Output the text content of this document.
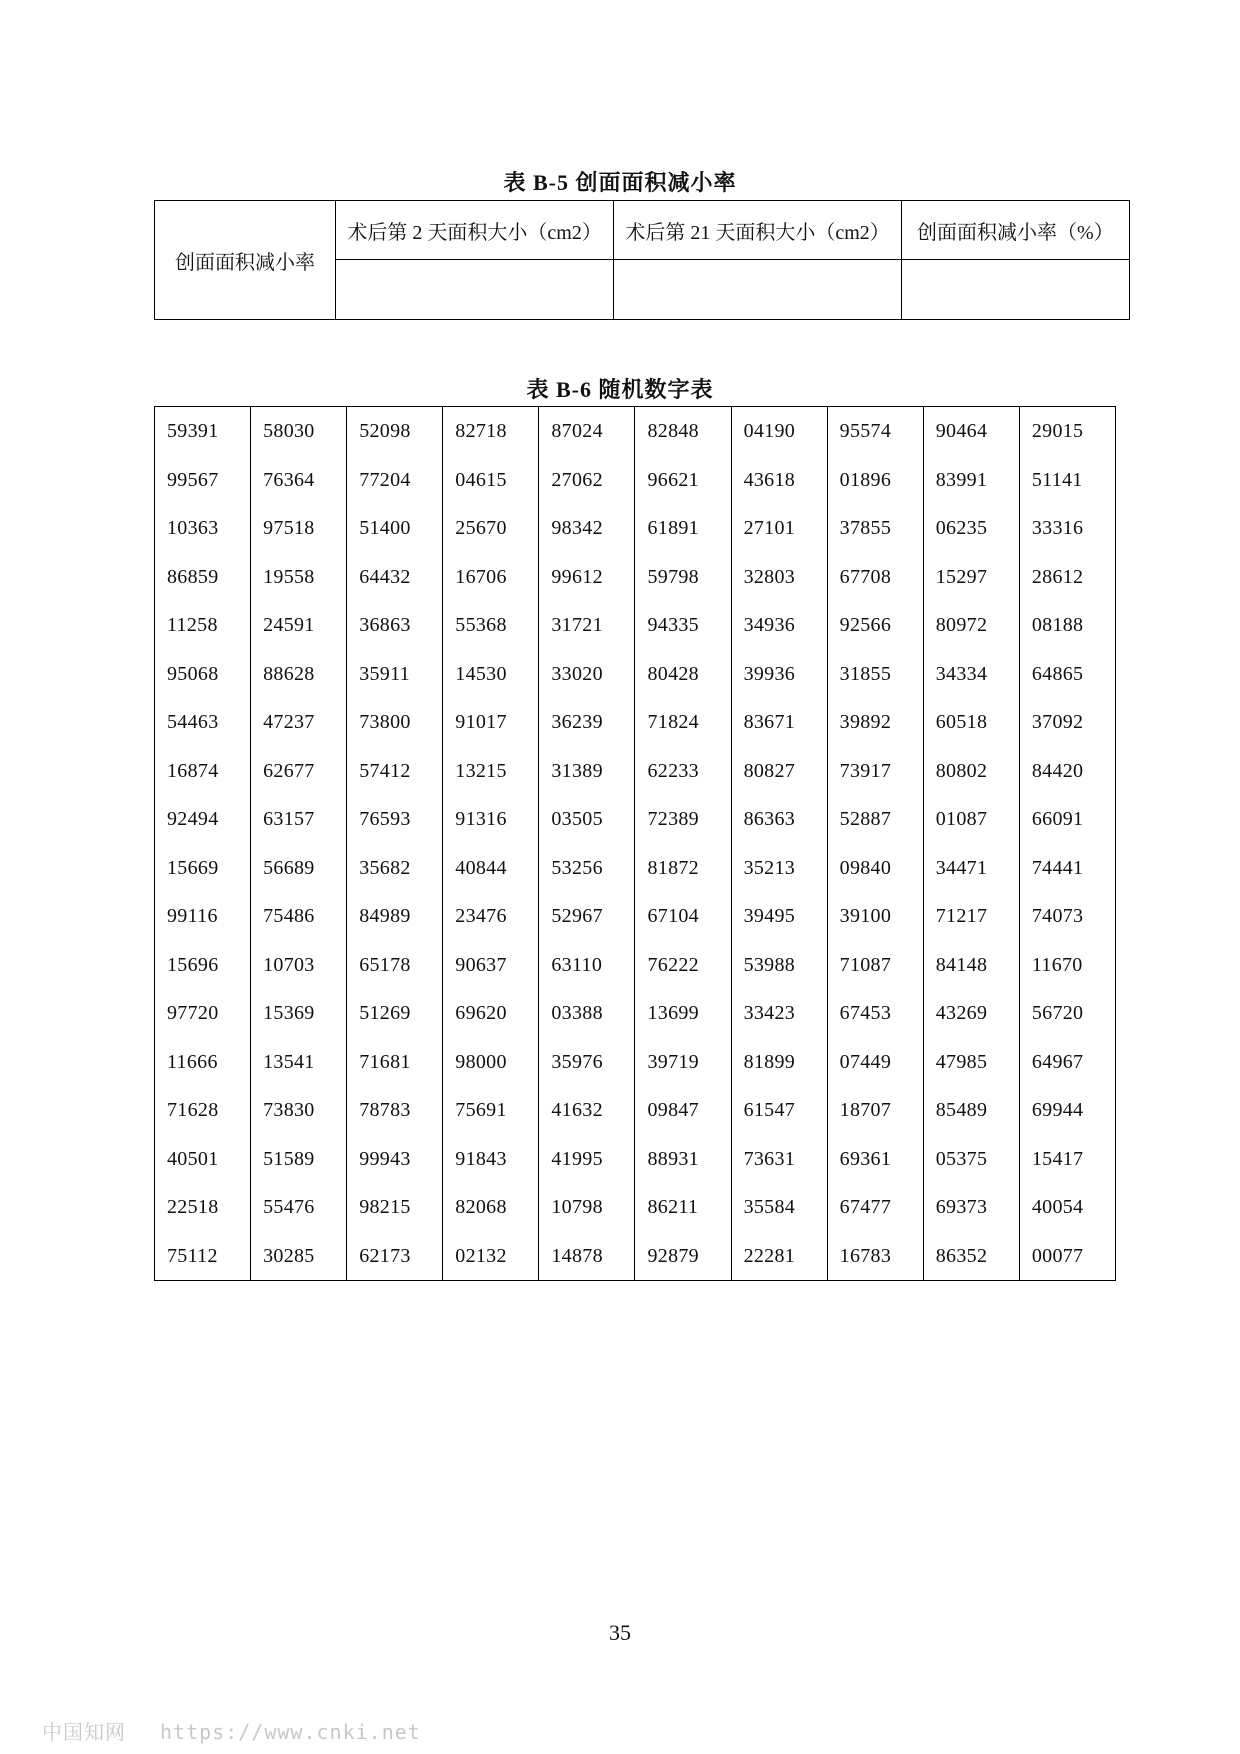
表 B-5 创面面积减小率
创面面积减小率	术后第 2 天面积大小（cm2）	术后第 21 天面积大小（cm2）	创面面积减小率（%）

表 B-6 随机数字表
59391	58030	52098	82718	87024	82848	04190	95574	90464	29015
99567	76364	77204	04615	27062	96621	43618	01896	83991	51141
10363	97518	51400	25670	98342	61891	27101	37855	06235	33316
86859	19558	64432	16706	99612	59798	32803	67708	15297	28612
11258	24591	36863	55368	31721	94335	34936	92566	80972	08188
95068	88628	35911	14530	33020	80428	39936	31855	34334	64865
54463	47237	73800	91017	36239	71824	83671	39892	60518	37092
16874	62677	57412	13215	31389	62233	80827	73917	80802	84420
92494	63157	76593	91316	03505	72389	86363	52887	01087	66091
15669	56689	35682	40844	53256	81872	35213	09840	34471	74441
99116	75486	84989	23476	52967	67104	39495	39100	71217	74073
15696	10703	65178	90637	63110	76222	53988	71087	84148	11670
97720	15369	51269	69620	03388	13699	33423	67453	43269	56720
11666	13541	71681	98000	35976	39719	81899	07449	47985	64967
71628	73830	78783	75691	41632	09847	61547	18707	85489	69944
40501	51589	99943	91843	41995	88931	73631	69361	05375	15417
22518	55476	98215	82068	10798	86211	35584	67477	69373	40054
75112	30285	62173	02132	14878	92879	22281	16783	86352	00077
35
中国知网 https://www.cnki.net
